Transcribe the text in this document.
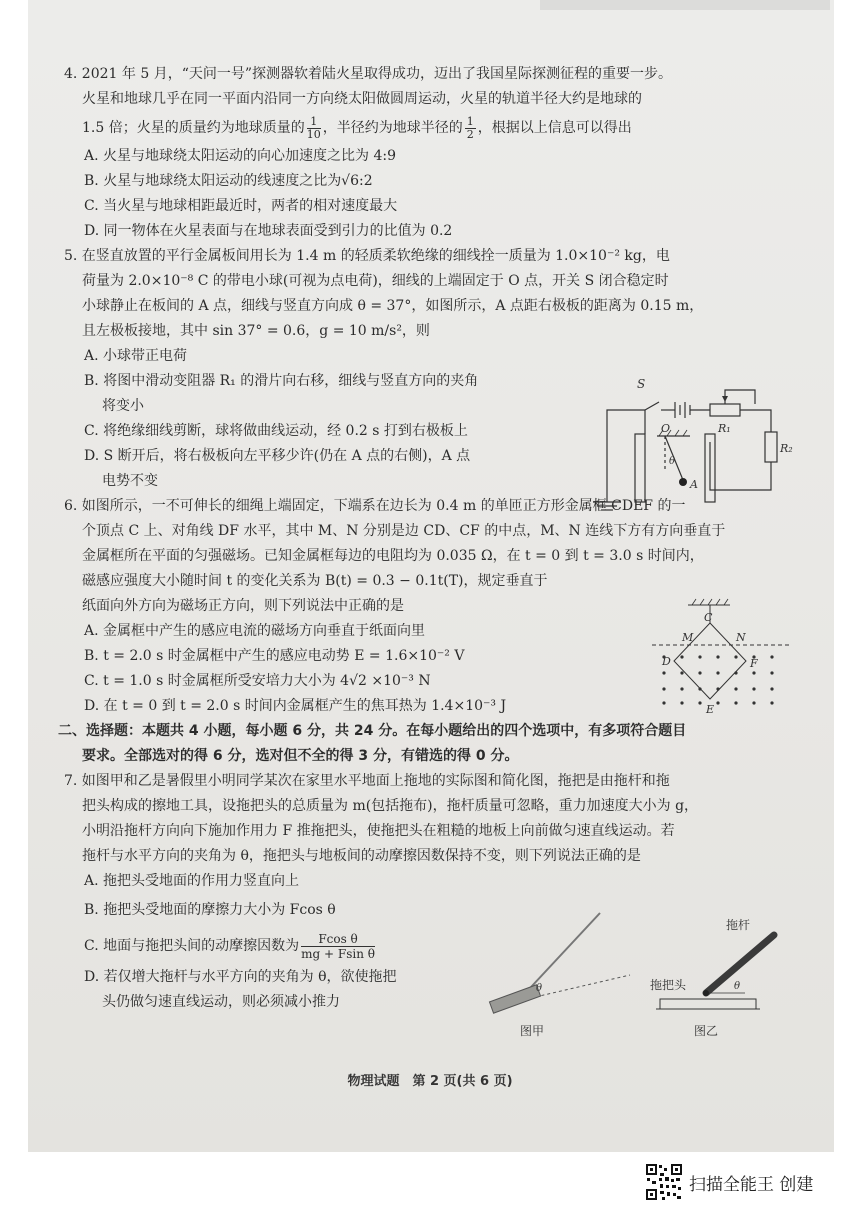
4. 2021 年 5 月，“天问一号”探测器软着陆火星取得成功，迈出了我国星际探测征程的重要一步。

火星和地球几乎在同一平面内沿同一方向绕太阳做圆周运动，火星的轨道半径大约是地球的

1.5 倍；火星的质量约为地球质量的 $\frac{1}{10}$ ，半径约为地球半径的 $\frac{1}{2}$ ，根据以上信息可以得出

A. 火星与地球绕太阳运动的向心加速度之比为 4:9

B. 火星与地球绕太阳运动的线速度之比为√6:2

C. 当火星与地球相距最近时，两者的相对速度最大

D. 同一物体在火星表面与在地球表面受到引力的比值为 0.2

5. 在竖直放置的平行金属板间用长为 1.4 m 的轻质柔软绝缘的细线拴一质量为 1.0×10⁻² kg，电

荷量为 2.0×10⁻⁸ C 的带电小球(可视为点电荷)，细线的上端固定于 O 点，开关 S 闭合稳定时

小球静止在板间的 A 点，细线与竖直方向成 θ = 37°，如图所示，A 点距右极板的距离为 0.15 m，

且左极板接地，其中 sin 37° = 0.6，g = 10 m/s²，则

A. 小球带正电荷

B. 将图中滑动变阻器 R₁ 的滑片向右移，细线与竖直方向的夹角

将变小

C. 将绝缘细线剪断，球将做曲线运动，经 0.2 s 打到右极板上

D. S 断开后，将右极板向左平移少许(仍在 A 点的右侧)，A 点

电势不变

6. 如图所示，一不可伸长的细绳上端固定，下端系在边长为 0.4 m 的单匝正方形金属框 CDEF 的一

个顶点 C 上、对角线 DF 水平，其中 M、N 分别是边 CD、CF 的中点，M、N 连线下方有方向垂直于

金属框所在平面的匀强磁场。已知金属框每边的电阻均为 0.035 Ω，在 t = 0 到 t = 3.0 s 时间内，

磁感应强度大小随时间 t 的变化关系为 B(t) = 0.3 − 0.1t(T)，规定垂直于

纸面向外方向为磁场正方向，则下列说法中正确的是

A. 金属框中产生的感应电流的磁场方向垂直于纸面向里

B. t = 2.0 s 时金属框中产生的感应电动势 E = 1.6×10⁻² V

C. t = 1.0 s 时金属框所受安培力大小为 4√2 ×10⁻³ N

D. 在 t = 0 到 t = 2.0 s 时间内金属框产生的焦耳热为 1.4×10⁻³ J

二、选择题：本题共 4 小题，每小题 6 分，共 24 分。在每小题给出的四个选项中，有多项符合题目

要求。全部选对的得 6 分，选对但不全的得 3 分，有错选的得 0 分。

7. 如图甲和乙是暑假里小明同学某次在家里水平地面上拖地的实际图和简化图，拖把是由拖杆和拖

把头构成的擦地工具，设拖把头的总质量为 m(包括拖布)，拖杆质量可忽略，重力加速度大小为 g，

小明沿拖杆方向向下施加作用力 F 推拖把头，使拖把头在粗糙的地板上向前做匀速直线运动。若

拖杆与水平方向的夹角为 θ，拖把头与地板间的动摩擦因数保持不变，则下列说法正确的是

A. 拖把头受地面的作用力竖直向上

B. 拖把头受地面的摩擦力大小为 Fcos θ

C. 地面与拖把头间的动摩擦因数为 $\frac{\text{Fcos θ}}{\text{mg + Fsin θ}}$

D. 若仅增大拖杆与水平方向的夹角为 θ，欲使拖把

头仍做匀速直线运动，则必须减小推力

S
R₁
R₂
O
θ
A
C
M	N
D	F
E
θ
图甲
拖杆
拖把头	θ
图乙
物理试题　第 2 页(共 6 页)
扫描全能王 创建
